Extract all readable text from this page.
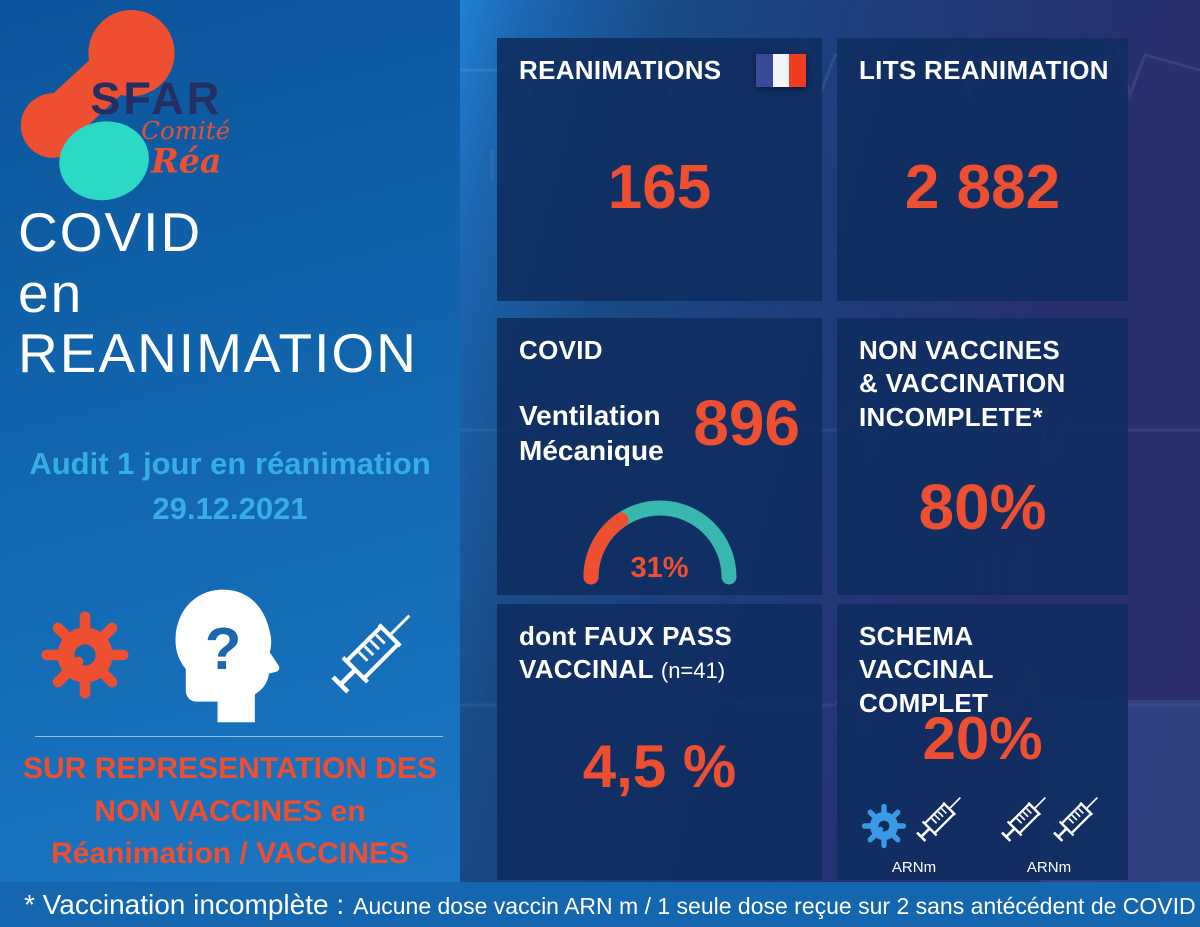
SFAR
Comité
Réa
COVID
en
REANIMATION
Audit 1 jour en réanimation
29.12.2021
?
SUR REPRESENTATION DES
NON VACCINES en
Réanimation / VACCINES
REANIMATIONS
165
LITS REANIMATION
2 882
COVID
Ventilation
Mécanique 896
31%
NON VACCINES
& VACCINATION
INCOMPLETE*
80%
dont FAUX PASS
VACCINAL (n=41)
4,5 %
SCHEMA VACCINAL
COMPLET
20%
ARNm	ARNm
* Vaccination incomplète : Aucune dose vaccin ARN m / 1 seule dose reçue sur 2 sans antécédent de COVID
